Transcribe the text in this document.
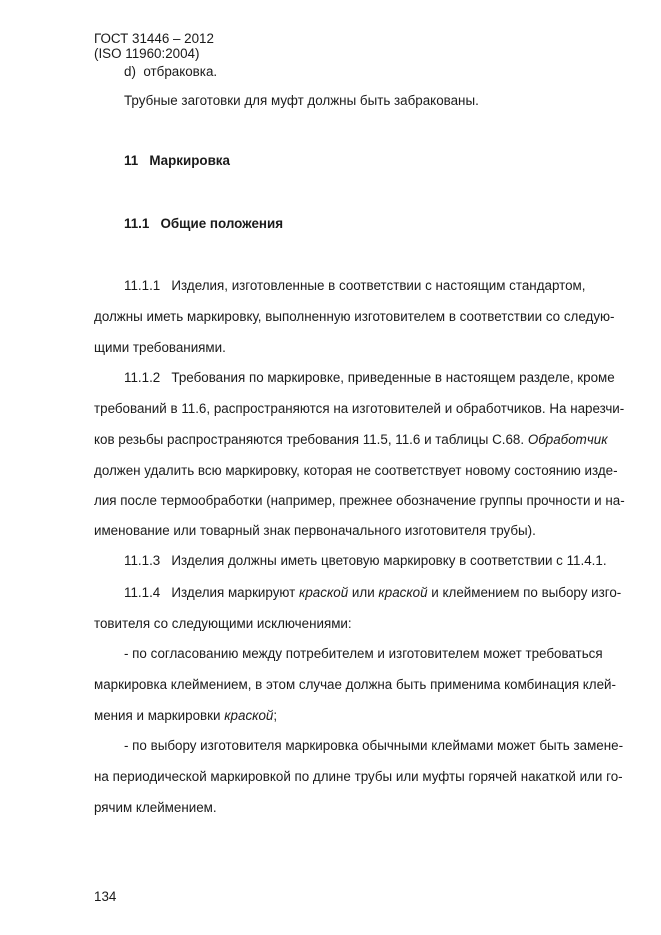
ГОСТ 31446 – 2012
(ISO 11960:2004)
d) отбраковка.
Трубные заготовки для муфт должны быть забракованы.
11 Маркировка
11.1 Общие положения
11.1.1 Изделия, изготовленные в соответствии с настоящим стандартом,
должны иметь маркировку, выполненную изготовителем в соответствии со следую-
щими требованиями.
11.1.2 Требования по маркировке, приведенные в настоящем разделе, кроме
требований в 11.6, распространяются на изготовителей и обработчиков. На нарезчи-
ков резьбы распространяются требования 11.5, 11.6 и таблицы С.68. Обработчик
должен удалить всю маркировку, которая не соответствует новому состоянию изде-
лия после термообработки (например, прежнее обозначение группы прочности и на-
именование или товарный знак первоначального изготовителя трубы).
11.1.3 Изделия должны иметь цветовую маркировку в соответствии с 11.4.1.
11.1.4 Изделия маркируют краской или краской и клеймением по выбору изго-
товителя со следующими исключениями:
- по согласованию между потребителем и изготовителем может требоваться
маркировка клеймением, в этом случае должна быть применима комбинация клей-
мения и маркировки краской;
- по выбору изготовителя маркировка обычными клеймами может быть замене-
на периодической маркировкой по длине трубы или муфты горячей накаткой или го-
рячим клеймением.
134
